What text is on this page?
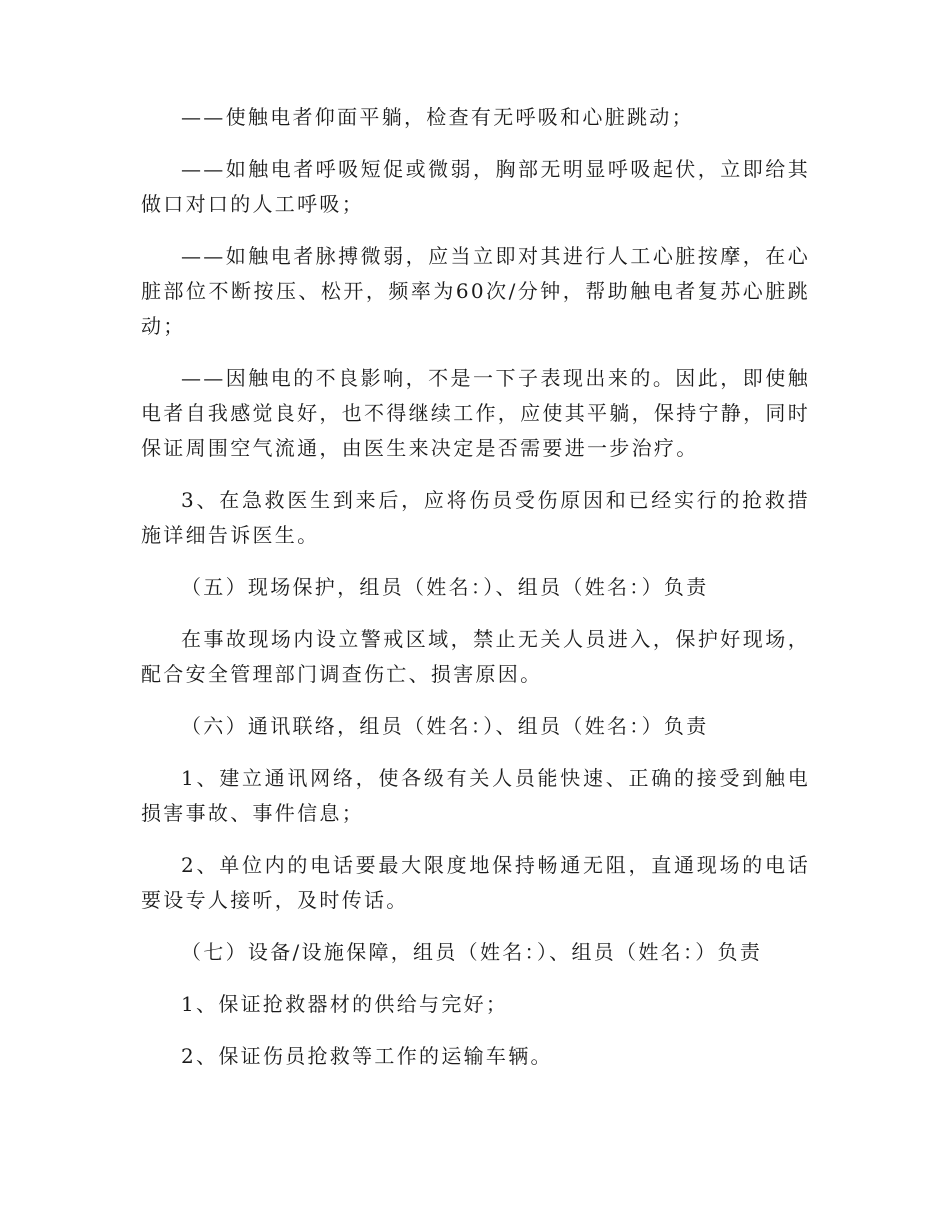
——使触电者仰面平躺，检查有无呼吸和心脏跳动；

——如触电者呼吸短促或微弱，胸部无明显呼吸起伏，立即给其做口对口的人工呼吸；

——如触电者脉搏微弱，应当立即对其进行人工心脏按摩，在心脏部位不断按压、松开，频率为60次/分钟，帮助触电者复苏心脏跳动；

——因触电的不良影响，不是一下子表现出来的。因此，即使触电者自我感觉良好，也不得继续工作，应使其平躺，保持宁静，同时保证周围空气流通，由医生来决定是否需要进一步治疗。

3、在急救医生到来后，应将伤员受伤原因和已经实行的抢救措施详细告诉医生。

（五）现场保护，组员（姓名：）、组员（姓名：）负责

在事故现场内设立警戒区域，禁止无关人员进入，保护好现场，配合安全管理部门调查伤亡、损害原因。

（六）通讯联络，组员（姓名：）、组员（姓名：）负责

1、建立通讯网络，使各级有关人员能快速、正确的接受到触电损害事故、事件信息；

2、单位内的电话要最大限度地保持畅通无阻，直通现场的电话要设专人接听，及时传话。

（七）设备/设施保障，组员（姓名：）、组员（姓名：）负责

1、保证抢救器材的供给与完好；

2、保证伤员抢救等工作的运输车辆。
